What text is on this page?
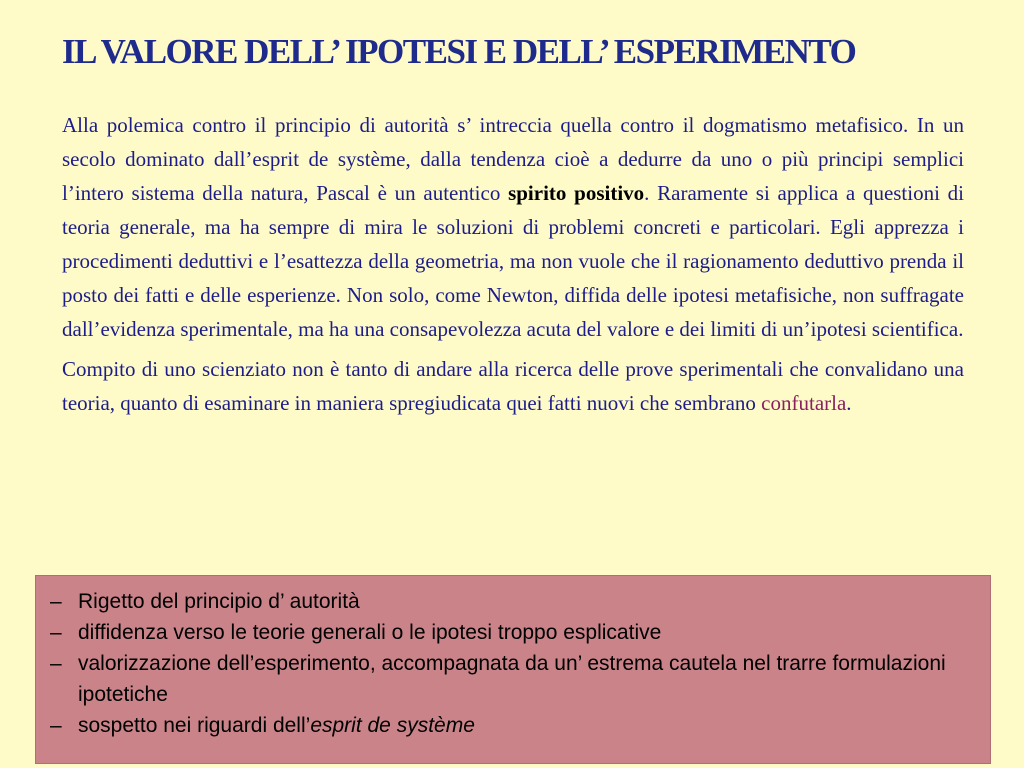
IL VALORE DELL’ IPOTESI E DELL’ ESPERIMENTO

Alla polemica contro il principio di autorità s’ intreccia quella contro il dogmatismo metafisico. In un secolo dominato dall’esprit de système, dalla tendenza cioè a dedurre da uno o più principi semplici l’intero sistema della natura, Pascal è un autentico spirito positivo. Raramente si applica a questioni di teoria generale, ma ha sempre di mira le soluzioni di problemi concreti e particolari. Egli apprezza i procedimenti deduttivi e l’esattezza della geometria, ma non vuole che il ragionamento deduttivo prenda il posto dei fatti e delle esperienze. Non solo, come Newton, diffida delle ipotesi metafisiche, non suffragate dall’evidenza sperimentale, ma ha una consapevolezza acuta del valore e dei limiti di un’ipotesi scientifica.

Compito di uno scienziato non è tanto di andare alla ricerca delle prove sperimentali che convalidano una teoria, quanto di esaminare in maniera spregiudicata quei fatti nuovi che sembrano confutarla.

– Rigetto del principio d’ autorità
– diffidenza verso le teorie generali o le ipotesi troppo esplicative
– valorizzazione dell’esperimento, accompagnata da un’ estrema cautela nel trarre formulazioni ipotetiche
– sospetto nei riguardi dell’esprit de système
